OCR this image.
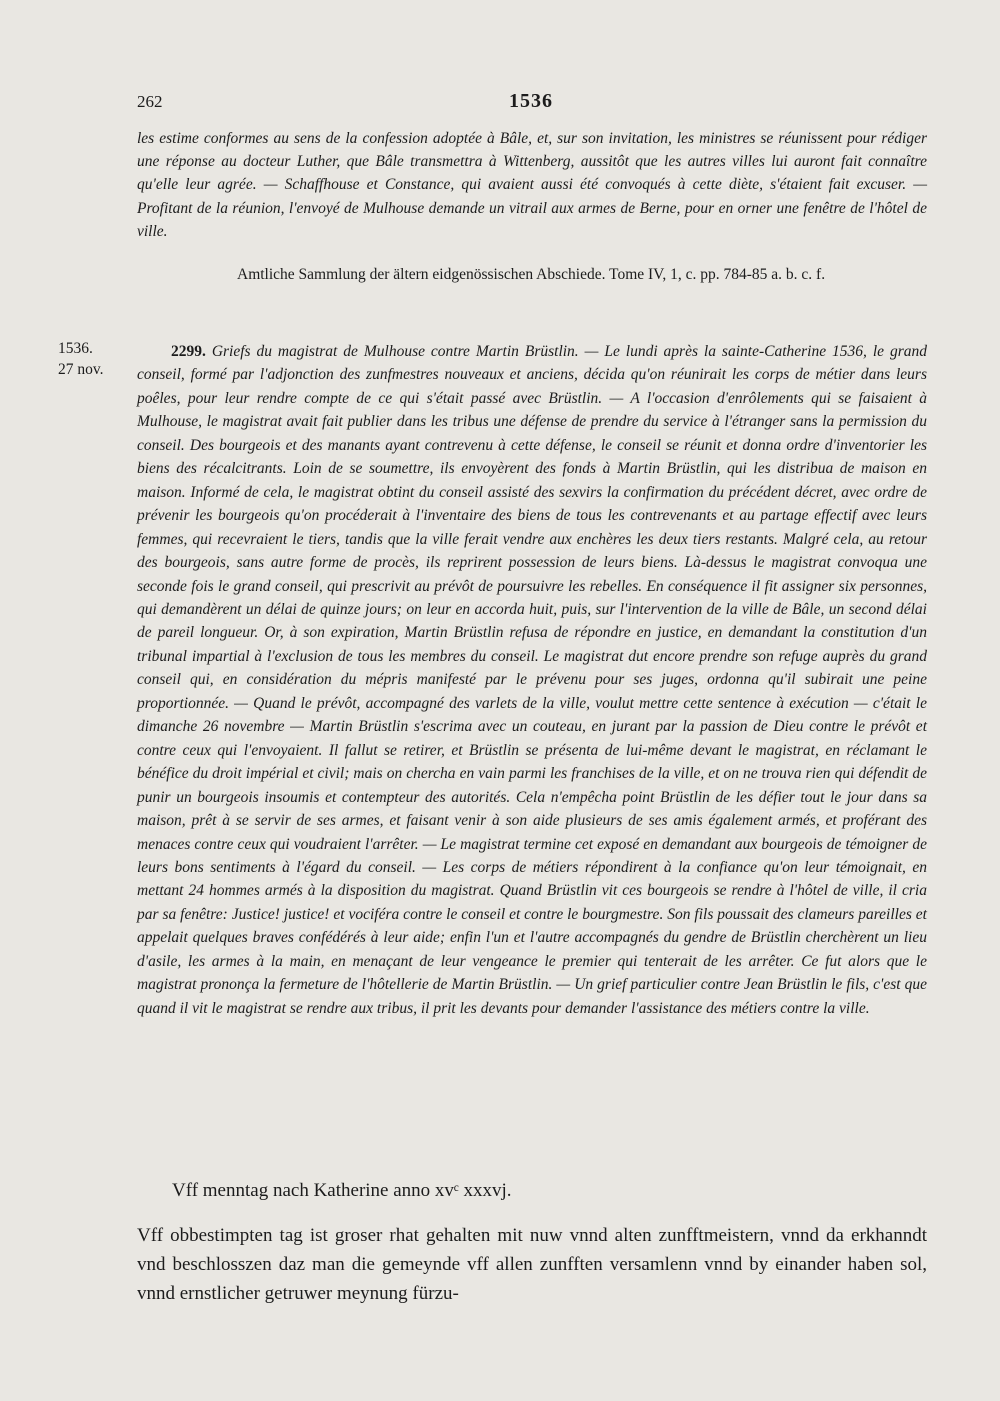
262	1536
les estime conformes au sens de la confession adoptée à Bâle, et, sur son invitation, les ministres se réunissent pour rédiger une réponse au docteur Luther, que Bâle transmettra à Wittenberg, aussitôt que les autres villes lui auront fait connaître qu'elle leur agrée. — Schaffhouse et Constance, qui avaient aussi été convoqués à cette diète, s'étaient fait excuser. — Profitant de la réunion, l'envoyé de Mulhouse demande un vitrail aux armes de Berne, pour en orner une fenêtre de l'hôtel de ville.
Amtliche Sammlung der ältern eidgenössischen Abschiede. Tome IV, 1, c. pp. 784-85 a. b. c. f.
1536.
27 nov.
2299. Griefs du magistrat de Mulhouse contre Martin Brüstlin. — Le lundi après la sainte-Catherine 1536, le grand conseil, formé par l'adjonction des zunfmestres nouveaux et anciens, décida qu'on réunirait les corps de métier dans leurs poêles, pour leur rendre compte de ce qui s'était passé avec Brüstlin. — A l'occasion d'enrôlements qui se faisaient à Mulhouse, le magistrat avait fait publier dans les tribus une défense de prendre du service à l'étranger sans la permission du conseil. Des bourgeois et des manants ayant contrevenu à cette défense, le conseil se réunit et donna ordre d'inventorier les biens des récalcitrants. Loin de se soumettre, ils envoyèrent des fonds à Martin Brüstlin, qui les distribua de maison en maison. Informé de cela, le magistrat obtint du conseil assisté des sexvirs la confirmation du précédent décret, avec ordre de prévenir les bourgeois qu'on procéderait à l'inventaire des biens de tous les contrevenants et au partage effectif avec leurs femmes, qui recevraient le tiers, tandis que la ville ferait vendre aux enchères les deux tiers restants. Malgré cela, au retour des bourgeois, sans autre forme de procès, ils reprirent possession de leurs biens. Là-dessus le magistrat convoqua une seconde fois le grand conseil, qui prescrivit au prévôt de poursuivre les rebelles. En conséquence il fit assigner six personnes, qui demandèrent un délai de quinze jours; on leur en accorda huit, puis, sur l'intervention de la ville de Bâle, un second délai de pareil longueur. Or, à son expiration, Martin Brüstlin refusa de répondre en justice, en demandant la constitution d'un tribunal impartial à l'exclusion de tous les membres du conseil. Le magistrat dut encore prendre son refuge auprès du grand conseil qui, en considération du mépris manifesté par le prévenu pour ses juges, ordonna qu'il subirait une peine proportionnée. — Quand le prévôt, accompagné des varlets de la ville, voulut mettre cette sentence à exécution — c'était le dimanche 26 novembre — Martin Brüstlin s'escrima avec un couteau, en jurant par la passion de Dieu contre le prévôt et contre ceux qui l'envoyaient. Il fallut se retirer, et Brüstlin se présenta de lui-même devant le magistrat, en réclamant le bénéfice du droit impérial et civil; mais on chercha en vain parmi les franchises de la ville, et on ne trouva rien qui défendit de punir un bourgeois insoumis et contempteur des autorités. Cela n'empêcha point Brüstlin de les défier tout le jour dans sa maison, prêt à se servir de ses armes, et faisant venir à son aide plusieurs de ses amis également armés, et proférant des menaces contre ceux qui voudraient l'arrêter. — Le magistrat termine cet exposé en demandant aux bourgeois de témoigner de leurs bons sentiments à l'égard du conseil. — Les corps de métiers répondirent à la confiance qu'on leur témoignait, en mettant 24 hommes armés à la disposition du magistrat. Quand Brüstlin vit ces bourgeois se rendre à l'hôtel de ville, il cria par sa fenêtre: Justice! justice! et vociféra contre le conseil et contre le bourgmestre. Son fils poussait des clameurs pareilles et appelait quelques braves confédérés à leur aide; enfin l'un et l'autre accompagnés du gendre de Brüstlin cherchèrent un lieu d'asile, les armes à la main, en menaçant de leur vengeance le premier qui tenterait de les arrêter. Ce fut alors que le magistrat prononça la fermeture de l'hôtellerie de Martin Brüstlin. — Un grief particulier contre Jean Brüstlin le fils, c'est que quand il vit le magistrat se rendre aux tribus, il prit les devants pour demander l'assistance des métiers contre la ville.
Vff menntag nach Katherine anno xvᶜ xxxvj.
Vff obbestimpten tag ist groser rhat gehalten mit nuw vnnd alten zunfftmeistern, vnnd da erkhanndt vnd beschlosszen daz man die gemeynde vff allen zunfften versamlenn vnnd by einander haben sol, vnnd ernstlicher getruwer meynung fürzu-
